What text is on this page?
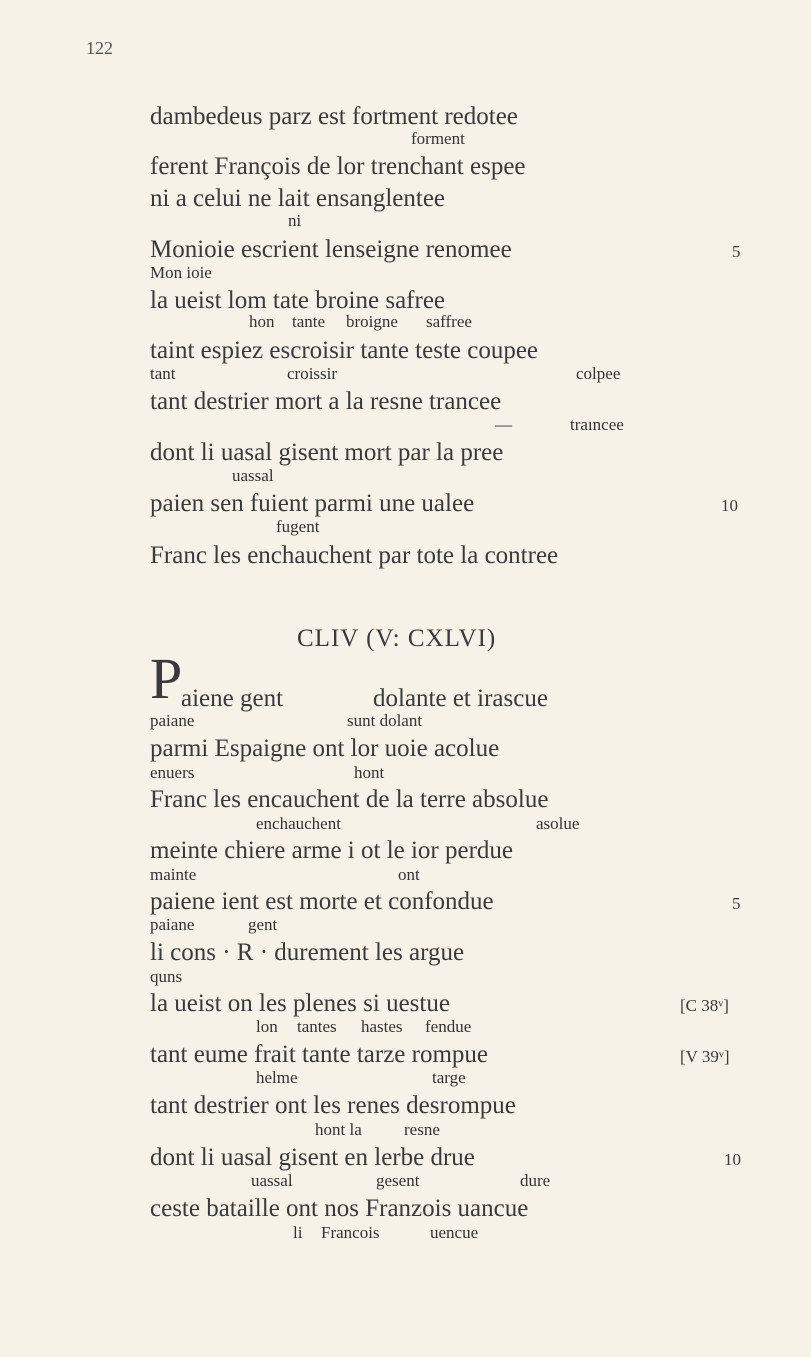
122
dambedeus parz est fortment redotee
forment
ferent François de lor trenchant espee
ni a celui ne lait ensanglentee
ni
Monioie escrient lenseigne renomee	5
Mon ioie
la ueist lom tate broine safree
hon tante broigne saffree
taint espiez escroisir tante teste coupee
tant	croissir	colpee
tant destrier mort a la resne trancee
—	traıncee
dont li uasal gisent mort par la pree
uassal
paien sen fuient parmi une ualee	10
fugent
Franc les enchauchent par tote la contree
CLIV (V: CXLVI)
P
aiene gent	dolante et irascue
paiane	sunt dolant
parmi Espaigne ont lor uoie acolue
enuers	hont
Franc les encauchent de la terre absolue
enchauchent	asolue
meinte chiere arme i ot le ior perdue
mainte	ont
paiene ient est morte et confondue	5
paiane	gent
li cons · R · durement les argue
quns
la ueist on les plenes si uestue	[C 38ᵛ]
lon tantes hastes fendue
tant eume frait tante tarze rompue	[V 39ᵛ]
helme	targe
tant destrier ont les renes desrompue
hont la resne
dont li uasal gisent en lerbe drue	10
uassal	gesent	dure
ceste bataille ont nos Franzois uancue
li Francois	uencue
